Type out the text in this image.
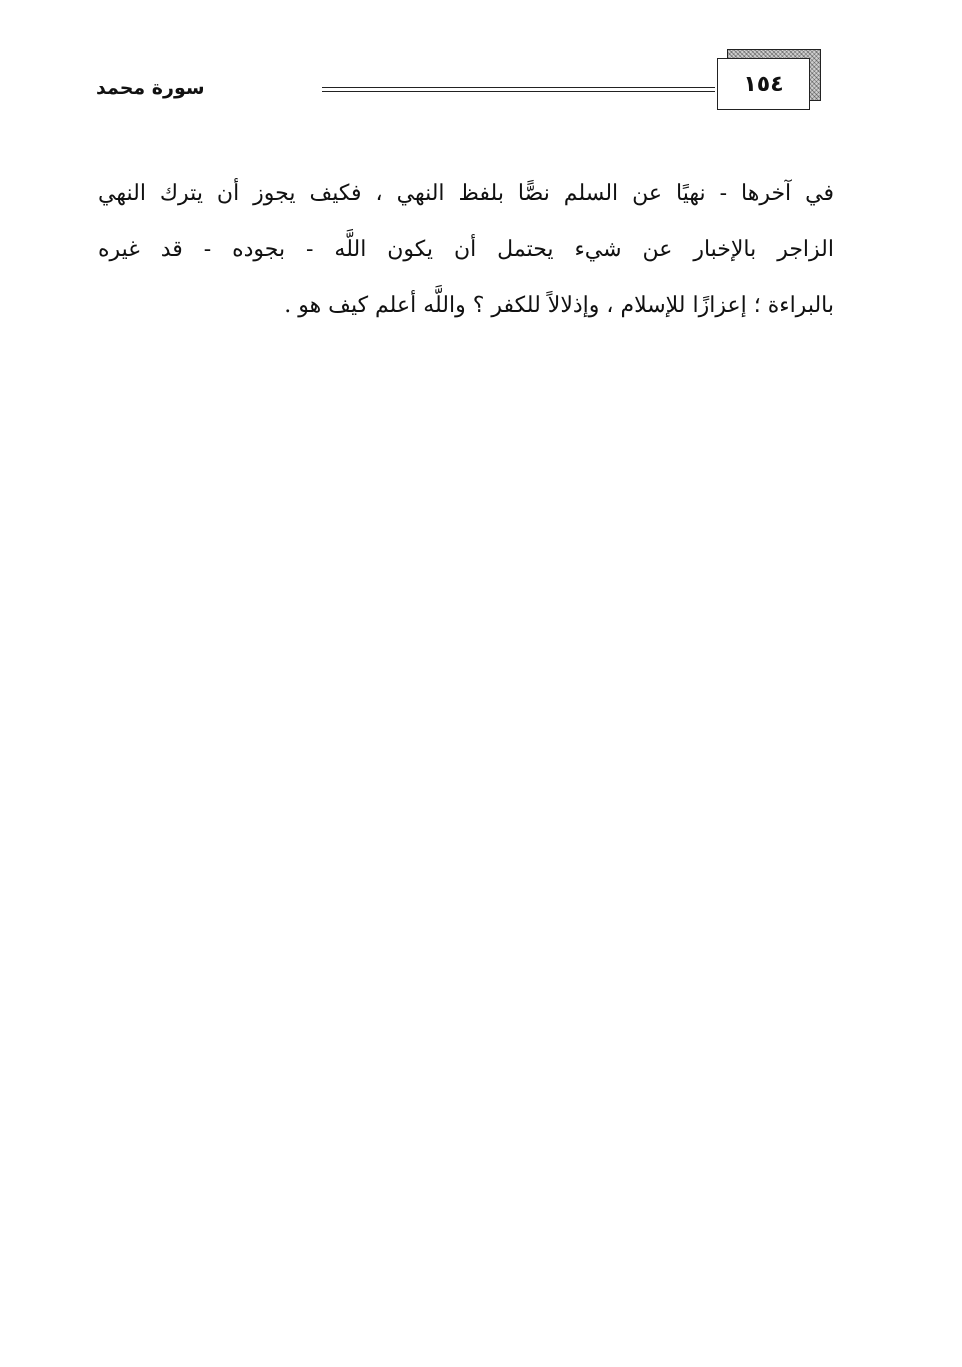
سورة محمد	١٥٤
في آخرها - نهيًا عن السلم نصًّا بلفظ النهي ، فكيف يجوز أن يترك النهي
الزاجر بالإخبار عن شيء يحتمل أن يكون اللَّه - بجوده - قد غيره
بالبراءة ؛ إعزازًا للإسلام ، وإذلالاً للكفر ؟ واللَّه أعلم كيف هو .
